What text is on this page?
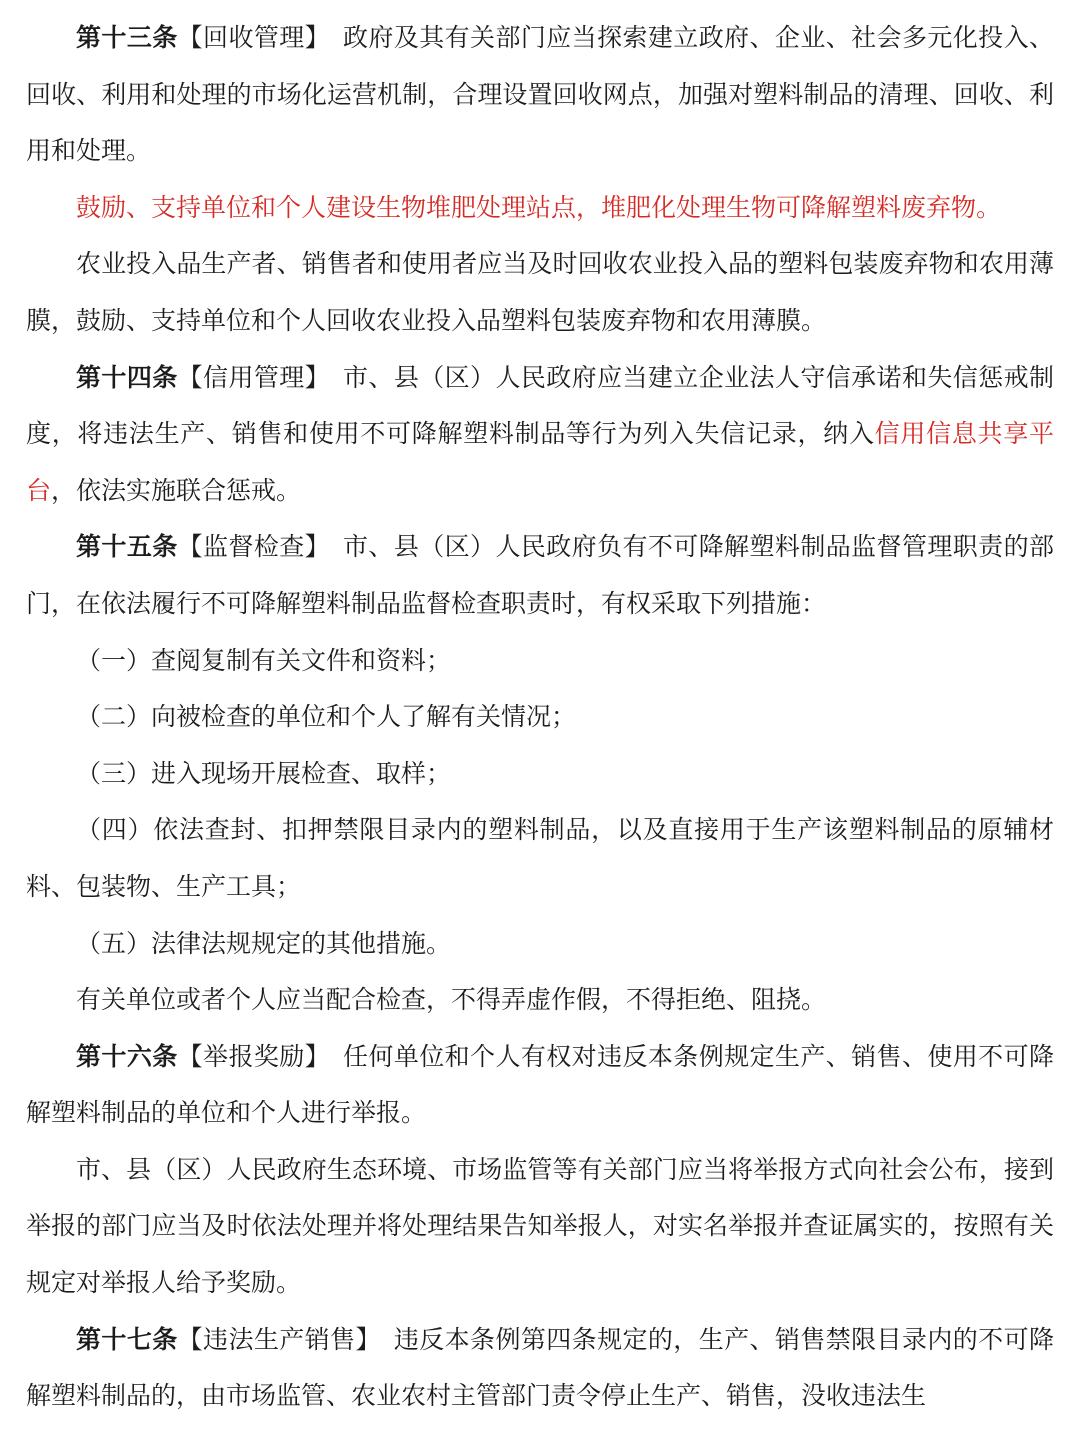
第十三条【回收管理】　政府及其有关部门应当探索建立政府、企业、社会多元化投入、回收、利用和处理的市场化运营机制，合理设置回收网点，加强对塑料制品的清理、回收、利用和处理。

鼓励、支持单位和个人建设生物堆肥处理站点，堆肥化处理生物可降解塑料废弃物。

农业投入品生产者、销售者和使用者应当及时回收农业投入品的塑料包装废弃物和农用薄膜，鼓励、支持单位和个人回收农业投入品塑料包装废弃物和农用薄膜。

第十四条【信用管理】　市、县（区）人民政府应当建立企业法人守信承诺和失信惩戒制度，将违法生产、销售和使用不可降解塑料制品等行为列入失信记录，纳入信用信息共享平台，依法实施联合惩戒。

第十五条【监督检查】　市、县（区）人民政府负有不可降解塑料制品监督管理职责的部门，在依法履行不可降解塑料制品监督检查职责时，有权采取下列措施：

（一）查阅复制有关文件和资料；

（二）向被检查的单位和个人了解有关情况；

（三）进入现场开展检查、取样；

（四）依法查封、扣押禁限目录内的塑料制品，以及直接用于生产该塑料制品的原辅材料、包装物、生产工具；

（五）法律法规规定的其他措施。

有关单位或者个人应当配合检查，不得弄虚作假，不得拒绝、阻挠。

第十六条【举报奖励】　任何单位和个人有权对违反本条例规定生产、销售、使用不可降解塑料制品的单位和个人进行举报。

市、县（区）人民政府生态环境、市场监管等有关部门应当将举报方式向社会公布，接到举报的部门应当及时依法处理并将处理结果告知举报人，对实名举报并查证属实的，按照有关规定对举报人给予奖励。

第十七条【违法生产销售】　违反本条例第四条规定的，生产、销售禁限目录内的不可降解塑料制品的，由市场监管、农业农村主管部门责令停止生产、销售，没收违法生
